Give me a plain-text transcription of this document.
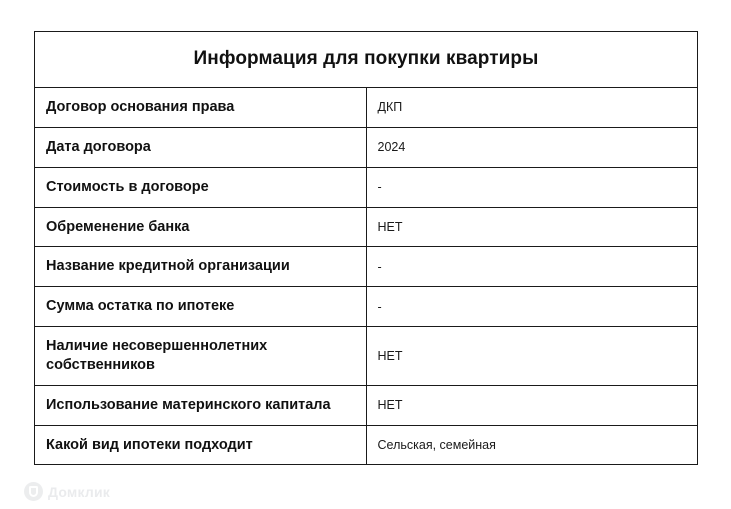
Информация для покупки квартиры	
Договор основания права	ДКП
Дата договора	2024
Стоимость в договоре	-
Обременение банка	НЕТ
Название кредитной организации	-
Сумма остатка по ипотеке	-
Наличие несовершеннолетних собственников	НЕТ
Использование материнского капитала	НЕТ
Какой вид ипотеки подходит	Сельская, семейная
Домклик
